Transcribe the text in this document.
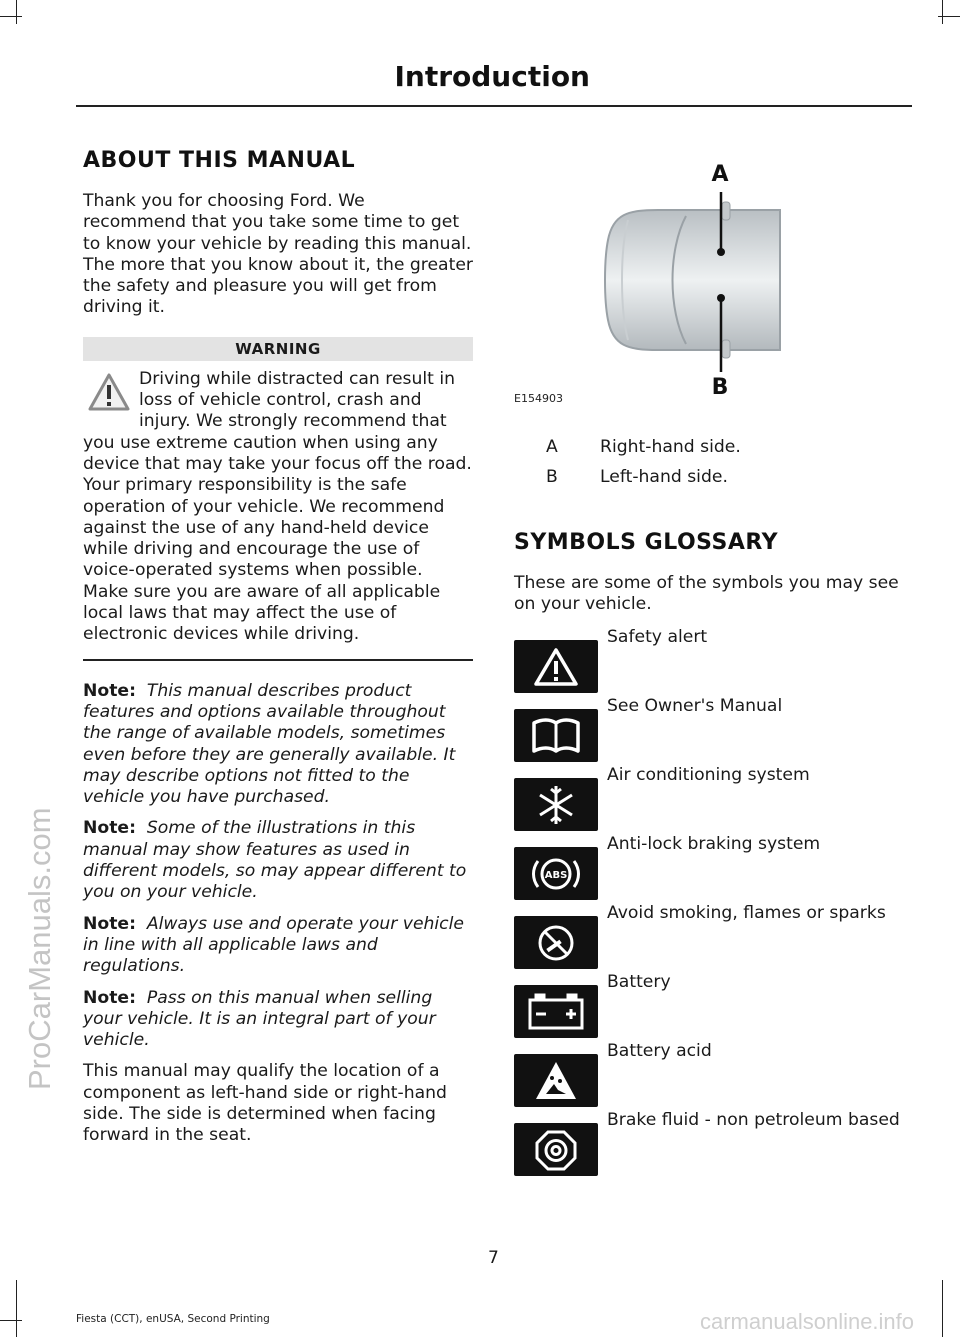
ProCarManuals.com
Introduction
ABOUT THIS MANUAL

Thank you for choosing Ford. We recommend that you take some time to get to know your vehicle by reading this manual. The more that you know about it, the greater the safety and pleasure you will get from driving it.

WARNING
Driving while distracted can result in loss of vehicle control, crash and injury. We strongly recommend that you use extreme caution when using any device that may take your focus off the road. Your primary responsibility is the safe operation of your vehicle. We recommend against the use of any hand-held device while driving and encourage the use of voice-operated systems when possible. Make sure you are aware of all applicable local laws that may affect the use of electronic devices while driving.
Note: This manual describes product features and options available throughout the range of available models, sometimes even before they are generally available. It may describe options not fitted to the vehicle you have purchased.
Note: Some of the illustrations in this manual may show features as used in different models, so may appear different to you on your vehicle.
Note: Always use and operate your vehicle in line with all applicable laws and regulations.
Note: Pass on this manual when selling your vehicle. It is an integral part of your vehicle.

This manual may qualify the location of a component as left-hand side or right-hand side. The side is determined when facing forward in the seat.

A
B
E154903
A	Right-hand side.
B	Left-hand side.
SYMBOLS GLOSSARY

These are some of the symbols you may see on your vehicle.

Safety alert
See Owner's Manual
Air conditioning system
ABS
Anti-lock braking system
Avoid smoking, flames or sparks
Battery
Battery acid
Brake fluid - non petroleum based
7
Fiesta (CCT), enUSA, Second Printing	carmanualsonline.info
